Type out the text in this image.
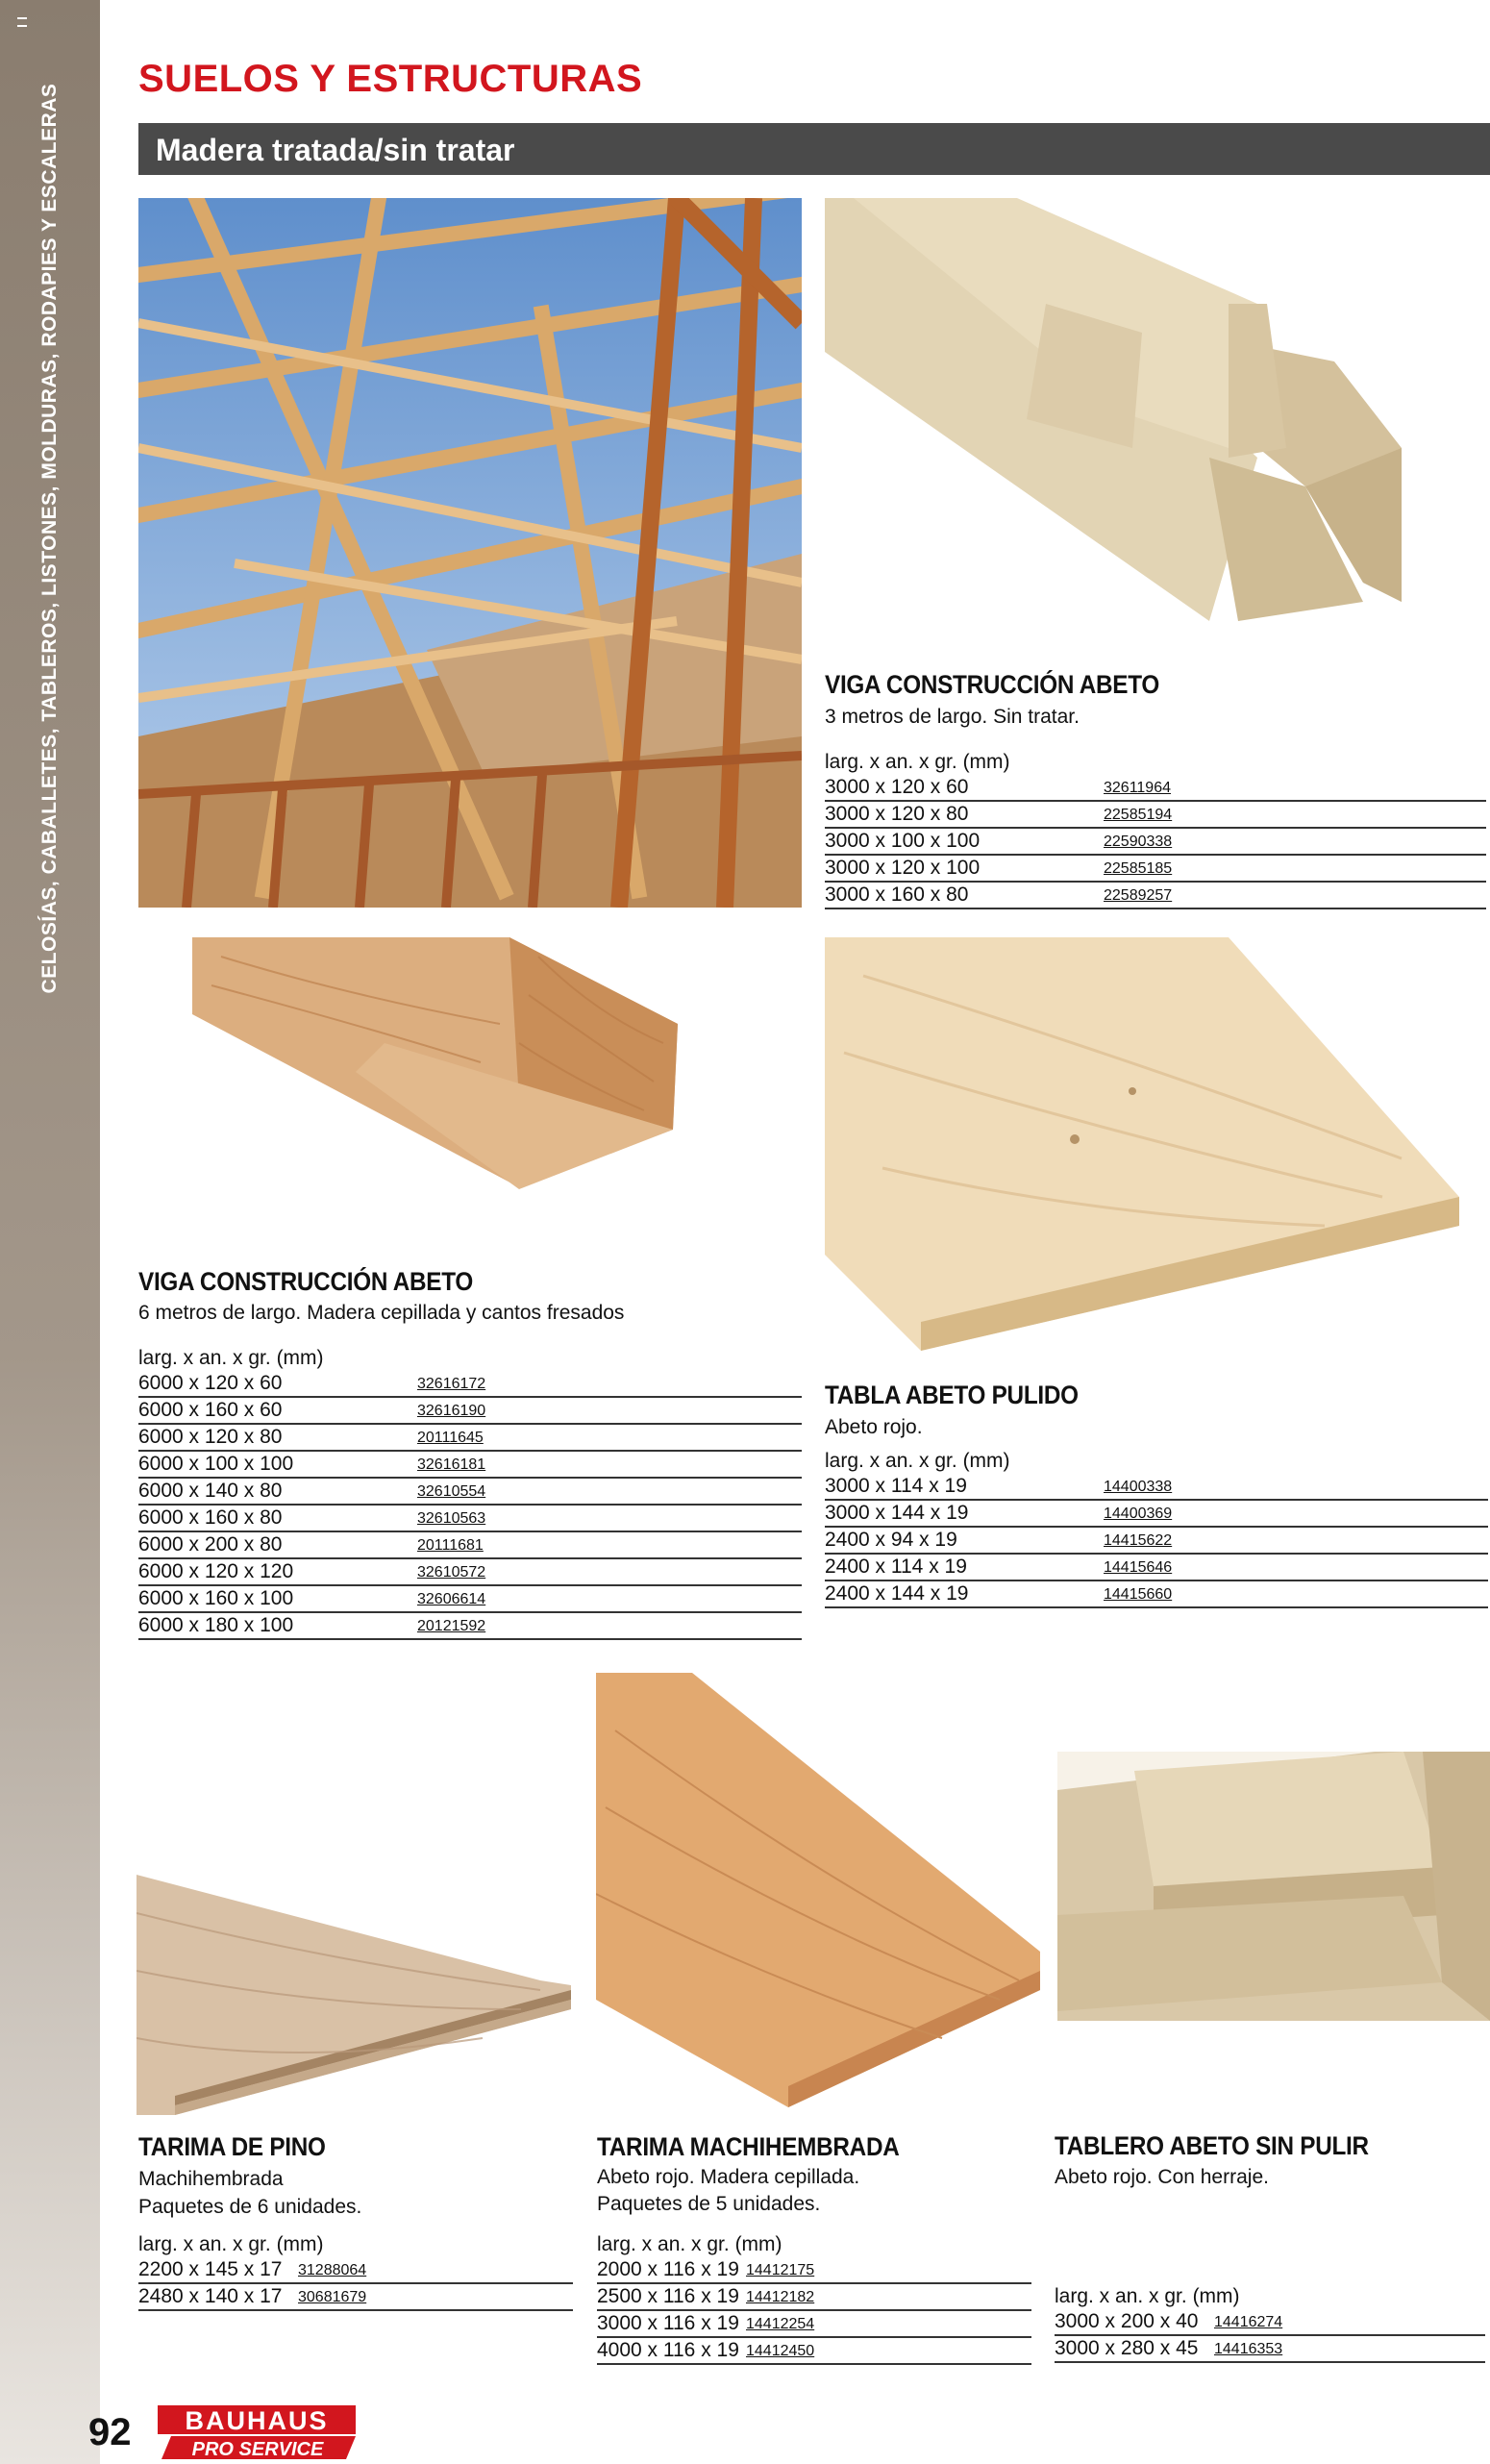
CELOSÍAS, CABALLETES, TABLEROS, LISTONES, MOLDURAS, RODAPIES Y ESCALERAS
SUELOS Y ESTRUCTURAS
Madera tratada/sin tratar
VIGA CONSTRUCCIÓN ABETO
3 metros de largo. Sin tratar.
larg. x an. x gr. (mm)
3000 x 120 x 60	32611964
3000 x 120 x 80	22585194
3000 x 100 x 100	22590338
3000 x 120 x 100	22585185
3000 x 160 x 80	22589257
VIGA CONSTRUCCIÓN ABETO
6 metros de largo. Madera cepillada y cantos fresados
larg. x an. x gr. (mm)
6000 x 120 x 60	32616172
6000 x 160 x 60	32616190
6000 x 120 x 80	20111645
6000 x 100 x 100	32616181
6000 x 140 x 80	32610554
6000 x 160 x 80	32610563
6000 x 200 x 80	20111681
6000 x 120 x 120	32610572
6000 x 160 x 100	32606614
6000 x 180 x 100	20121592
TABLA ABETO PULIDO
Abeto rojo.
larg. x an. x gr. (mm)
3000 x 114 x 19	14400338
3000 x 144 x 19	14400369
2400 x 94 x 19	14415622
2400 x 114 x 19	14415646
2400 x 144 x 19	14415660
TARIMA DE PINO
Machihembrada
Paquetes de 6 unidades.
larg. x an. x gr. (mm)
2200 x 145 x 17 31288064
2480 x 140 x 17 30681679
TARIMA MACHIHEMBRADA
Abeto rojo. Madera cepillada.
Paquetes de 5 unidades.
larg. x an. x gr. (mm)
2000 x 116 x 19 14412175
2500 x 116 x 19 14412182
3000 x 116 x 19 14412254
4000 x 116 x 19 14412450
TABLERO ABETO SIN PULIR
Abeto rojo. Con herraje.
larg. x an. x gr. (mm)
3000 x 200 x 40 14416274
3000 x 280 x 45 14416353
92 BAUHAUS
PRO SERVICE
